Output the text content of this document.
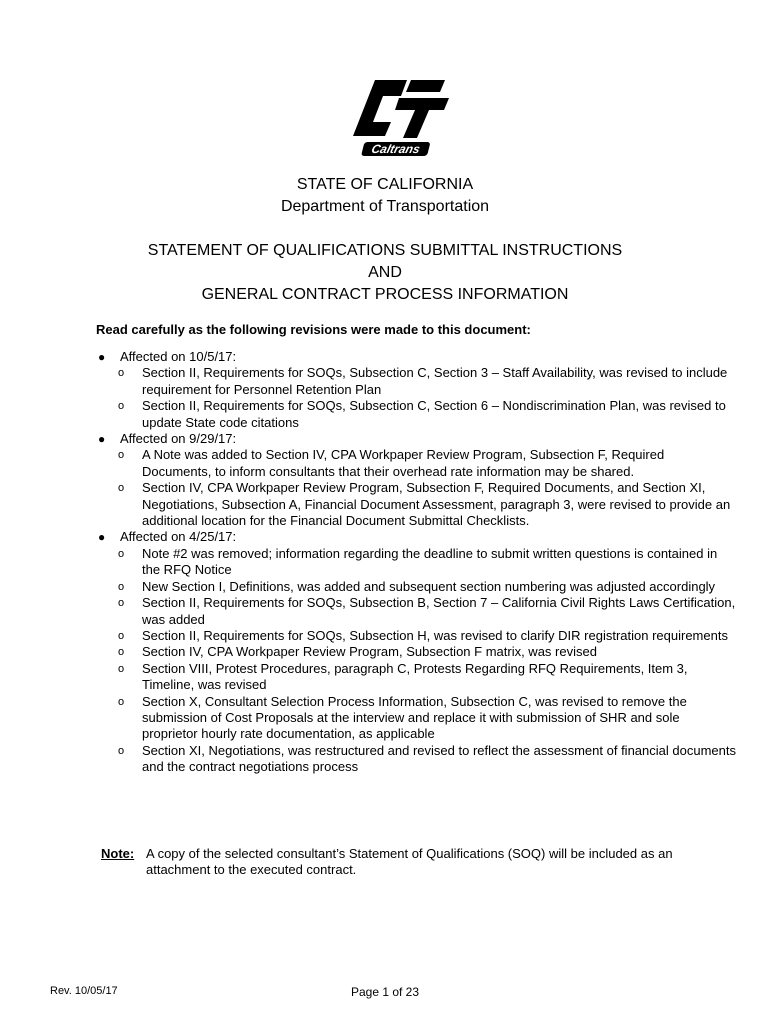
Caltrans
STATE OF CALIFORNIA
Department of Transportation
STATEMENT OF QUALIFICATIONS SUBMITTAL INSTRUCTIONS
AND
GENERAL CONTRACT PROCESS INFORMATION
Read carefully as the following revisions were made to this document:
● Affected on 10/5/17:
o Section II, Requirements for SOQs, Subsection C, Section 3 – Staff Availability, was revised to include requirement for Personnel Retention Plan
o Section II, Requirements for SOQs, Subsection C, Section 6 – Nondiscrimination Plan, was revised to update State code citations
● Affected on 9/29/17:
o A Note was added to Section IV, CPA Workpaper Review Program, Subsection F, Required Documents, to inform consultants that their overhead rate information may be shared.
o Section IV, CPA Workpaper Review Program, Subsection F, Required Documents, and Section XI, Negotiations, Subsection A, Financial Document Assessment, paragraph 3, were revised to provide an additional location for the Financial Document Submittal Checklists.
● Affected on 4/25/17:
o Note #2 was removed; information regarding the deadline to submit written questions is contained in the RFQ Notice
o New Section I, Definitions, was added and subsequent section numbering was adjusted accordingly
o Section II, Requirements for SOQs, Subsection B, Section 7 – California Civil Rights Laws Certification, was added
o Section II, Requirements for SOQs, Subsection H, was revised to clarify DIR registration requirements
o Section IV, CPA Workpaper Review Program, Subsection F matrix, was revised
o Section VIII, Protest Procedures, paragraph C, Protests Regarding RFQ Requirements, Item 3, Timeline, was revised
o Section X, Consultant Selection Process Information, Subsection C, was revised to remove the submission of Cost Proposals at the interview and replace it with submission of SHR and sole proprietor hourly rate documentation, as applicable
o Section XI, Negotiations, was restructured and revised to reflect the assessment of financial documents and the contract negotiations process
Note: A copy of the selected consultant’s Statement of Qualifications (SOQ) will be included as an attachment to the executed contract.
Rev. 10/05/17	Page 1 of 23
